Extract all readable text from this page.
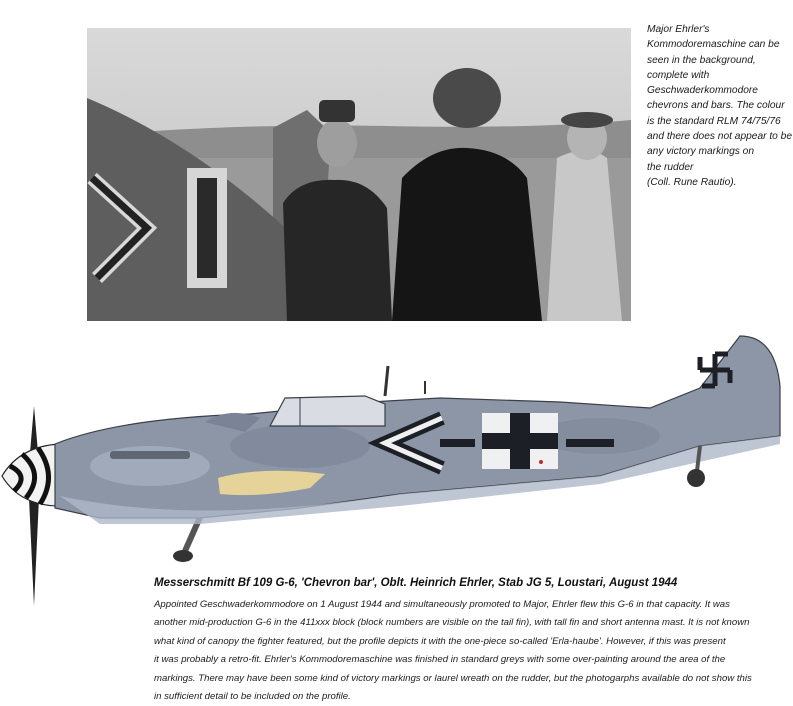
Major Ehrler's
Kommodoremaschine can be
seen in the background,
complete with
Geschwaderkommodore
chevrons and bars. The colour
is the standard RLM 74/75/76
and there does not appear to be
any victory markings on
the rudder
(Coll. Rune Rautio).
Messerschmitt Bf 109 G-6, 'Chevron bar', Oblt. Heinrich Ehrler, Stab JG 5, Loustari, August 1944
Appointed Geschwaderkommodore on 1 August 1944 and simultaneously promoted to Major, Ehrler flew this G-6 in that capacity. It was
another mid-production G-6 in the 411xxx block (block numbers are visible on the tail fin), with tall fin and short antenna mast. It is not known
what kind of canopy the fighter featured, but the profile depicts it with the one-piece so-called 'Erla-haube'. However, if this was present
it was probably a retro-fit. Ehrler's Kommodoremaschine was finished in standard greys with some over-painting around the area of the
markings. There may have been some kind of victory markings or laurel wreath on the rudder, but the photogarphs available do not show this
in sufficient detail to be included on the profile.
